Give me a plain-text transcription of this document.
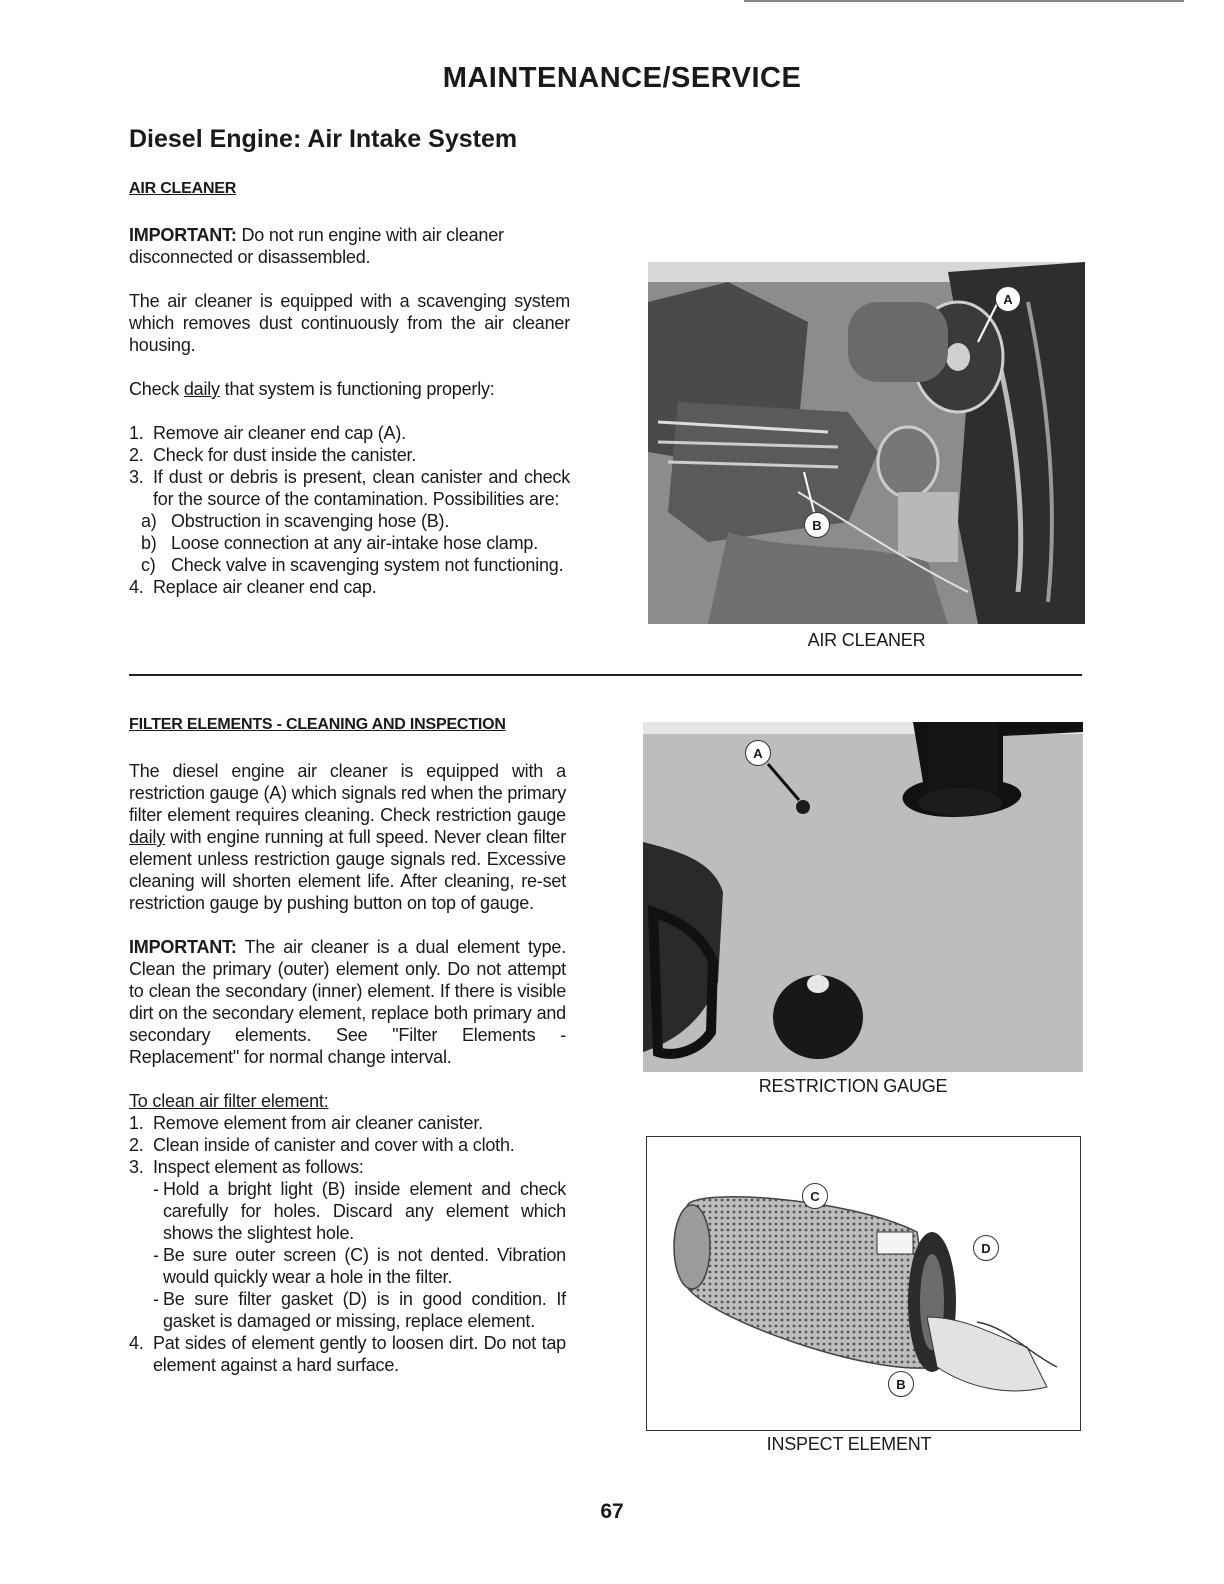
MAINTENANCE/SERVICE
Diesel Engine: Air Intake System
AIR CLEANER

IMPORTANT: Do not run engine with air cleaner disconnected or disassembled.

The air cleaner is equipped with a scavenging system which removes dust continuously from the air cleaner housing.

Check daily that system is functioning properly:

1. Remove air cleaner end cap (A).
2. Check for dust inside the canister.
3. If dust or debris is present, clean canister and check for the source of the contamination. Possibilities are:
a) Obstruction in scavenging hose (B).
b) Loose connection at any air-intake hose clamp.
c) Check valve in scavenging system not functioning.
4. Replace air cleaner end cap.
A
B
AIR CLEANER
FILTER ELEMENTS - CLEANING AND INSPECTION

The diesel engine air cleaner is equipped with a restriction gauge (A) which signals red when the primary filter element requires cleaning. Check restriction gauge daily with engine running at full speed. Never clean filter element unless restriction gauge signals red. Excessive cleaning will shorten element life. After cleaning, re-set restriction gauge by pushing button on top of gauge.

IMPORTANT: The air cleaner is a dual element type. Clean the primary (outer) element only. Do not attempt to clean the secondary (inner) element. If there is visible dirt on the secondary element, replace both primary and secondary elements. See "Filter Elements - Replacement" for normal change interval.

To clean air filter element:

1. Remove element from air cleaner canister.
2. Clean inside of canister and cover with a cloth.
3. Inspect element as follows:
- Hold a bright light (B) inside element and check carefully for holes. Discard any element which shows the slightest hole.
- Be sure outer screen (C) is not dented. Vibration would quickly wear a hole in the filter.
- Be sure filter gasket (D) is in good condition. If gasket is damaged or missing, replace element.
4. Pat sides of element gently to loosen dirt. Do not tap element against a hard surface.
A
RESTRICTION GAUGE
C
D
B
INSPECT ELEMENT
67
